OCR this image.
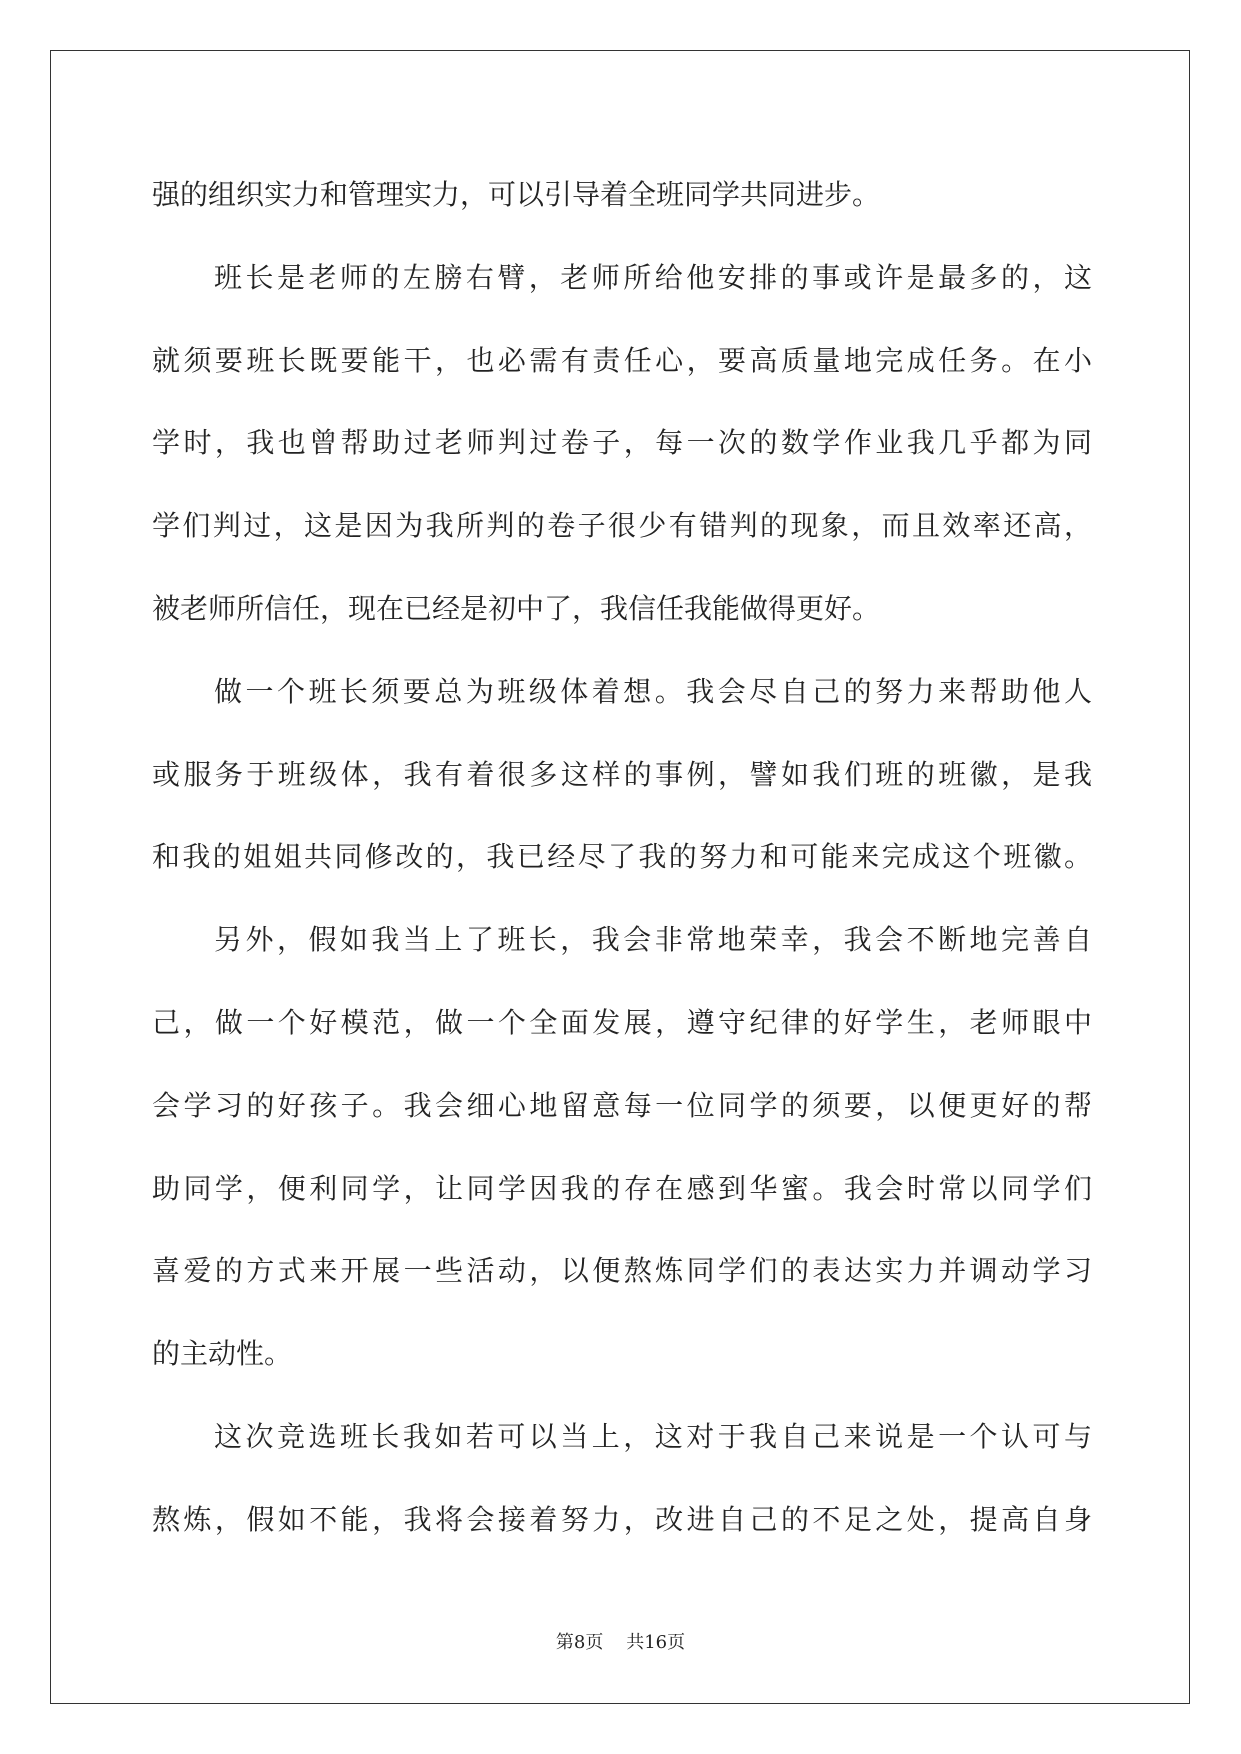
强的组织实力和管理实力，可以引导着全班同学共同进步。

班长是老师的左膀右臂，老师所给他安排的事或许是最多的，这

就须要班长既要能干，也必需有责任心，要高质量地完成任务。在小

学时，我也曾帮助过老师判过卷子，每一次的数学作业我几乎都为同

学们判过，这是因为我所判的卷子很少有错判的现象，而且效率还高，

被老师所信任，现在已经是初中了，我信任我能做得更好。

做一个班长须要总为班级体着想。我会尽自己的努力来帮助他人

或服务于班级体，我有着很多这样的事例，譬如我们班的班徽，是我

和我的姐姐共同修改的，我已经尽了我的努力和可能来完成这个班徽。

另外，假如我当上了班长，我会非常地荣幸，我会不断地完善自

己，做一个好模范，做一个全面发展，遵守纪律的好学生，老师眼中

会学习的好孩子。我会细心地留意每一位同学的须要，以便更好的帮

助同学，便利同学，让同学因我的存在感到华蜜。我会时常以同学们

喜爱的方式来开展一些活动，以便熬炼同学们的表达实力并调动学习

的主动性。

这次竞选班长我如若可以当上，这对于我自己来说是一个认可与

熬炼，假如不能，我将会接着努力，改进自己的不足之处，提高自身

第8页 共16页
